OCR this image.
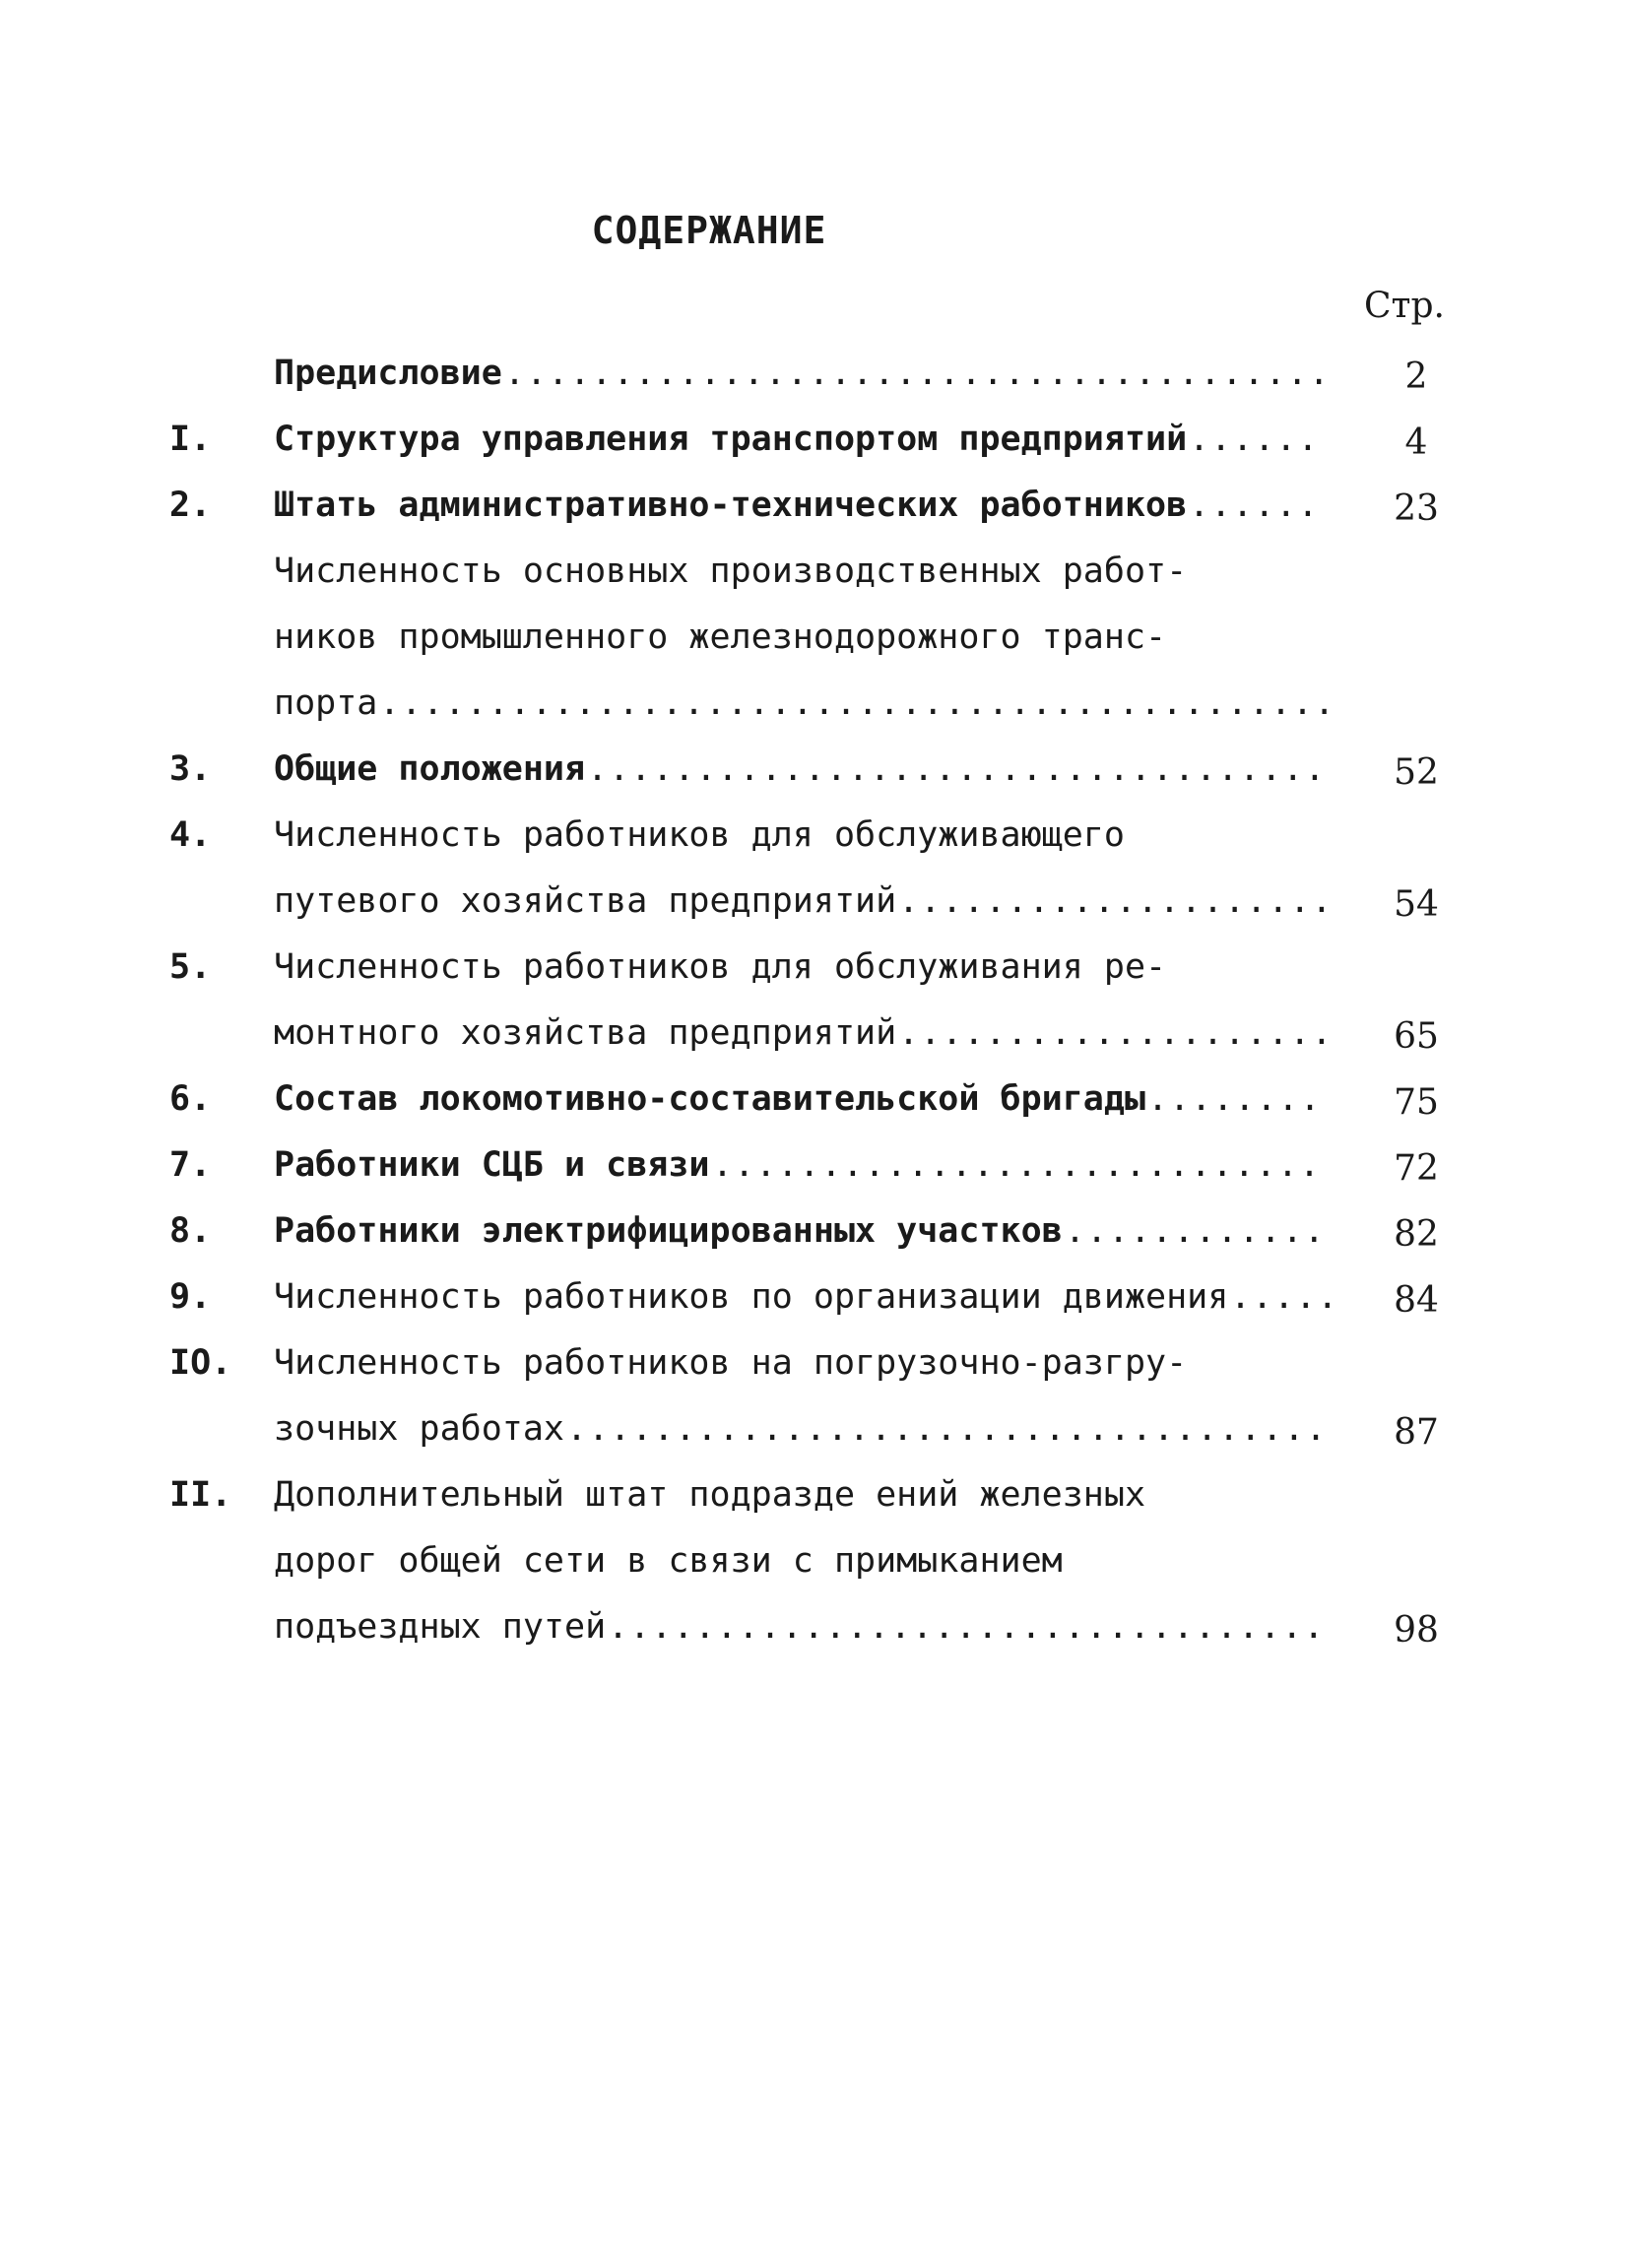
СОДЕРЖАНИЕ
Стр.
Предисловие ......................................	2
I. Структура управления транспортом предприятий ......	4
2. Штать административно-технических работников ......	23
Численность основных производственных работ-
ников промышленного железнодорожного транс-
порта ............................................
3. Общие положения ..................................	52
4. Численность работников для обслуживающего
путевого хозяйства предприятий ....................	54
5. Численность работников для обслуживания ре-
монтного хозяйства предприятий ....................	65
6. Состав локомотивно-составительской бригады ........	75
7. Работники СЦБ и связи ............................	72
8. Работники электрифицированных участков ............	82
9. Численность работников по организации движения .....	84
IO. Численность работников на погрузочно-разгру-
зочных работах ...................................	87
II. Дополнительный штат подразде ений железных
дорог общей сети в связи с примыканием
подъездных путей .................................	98
